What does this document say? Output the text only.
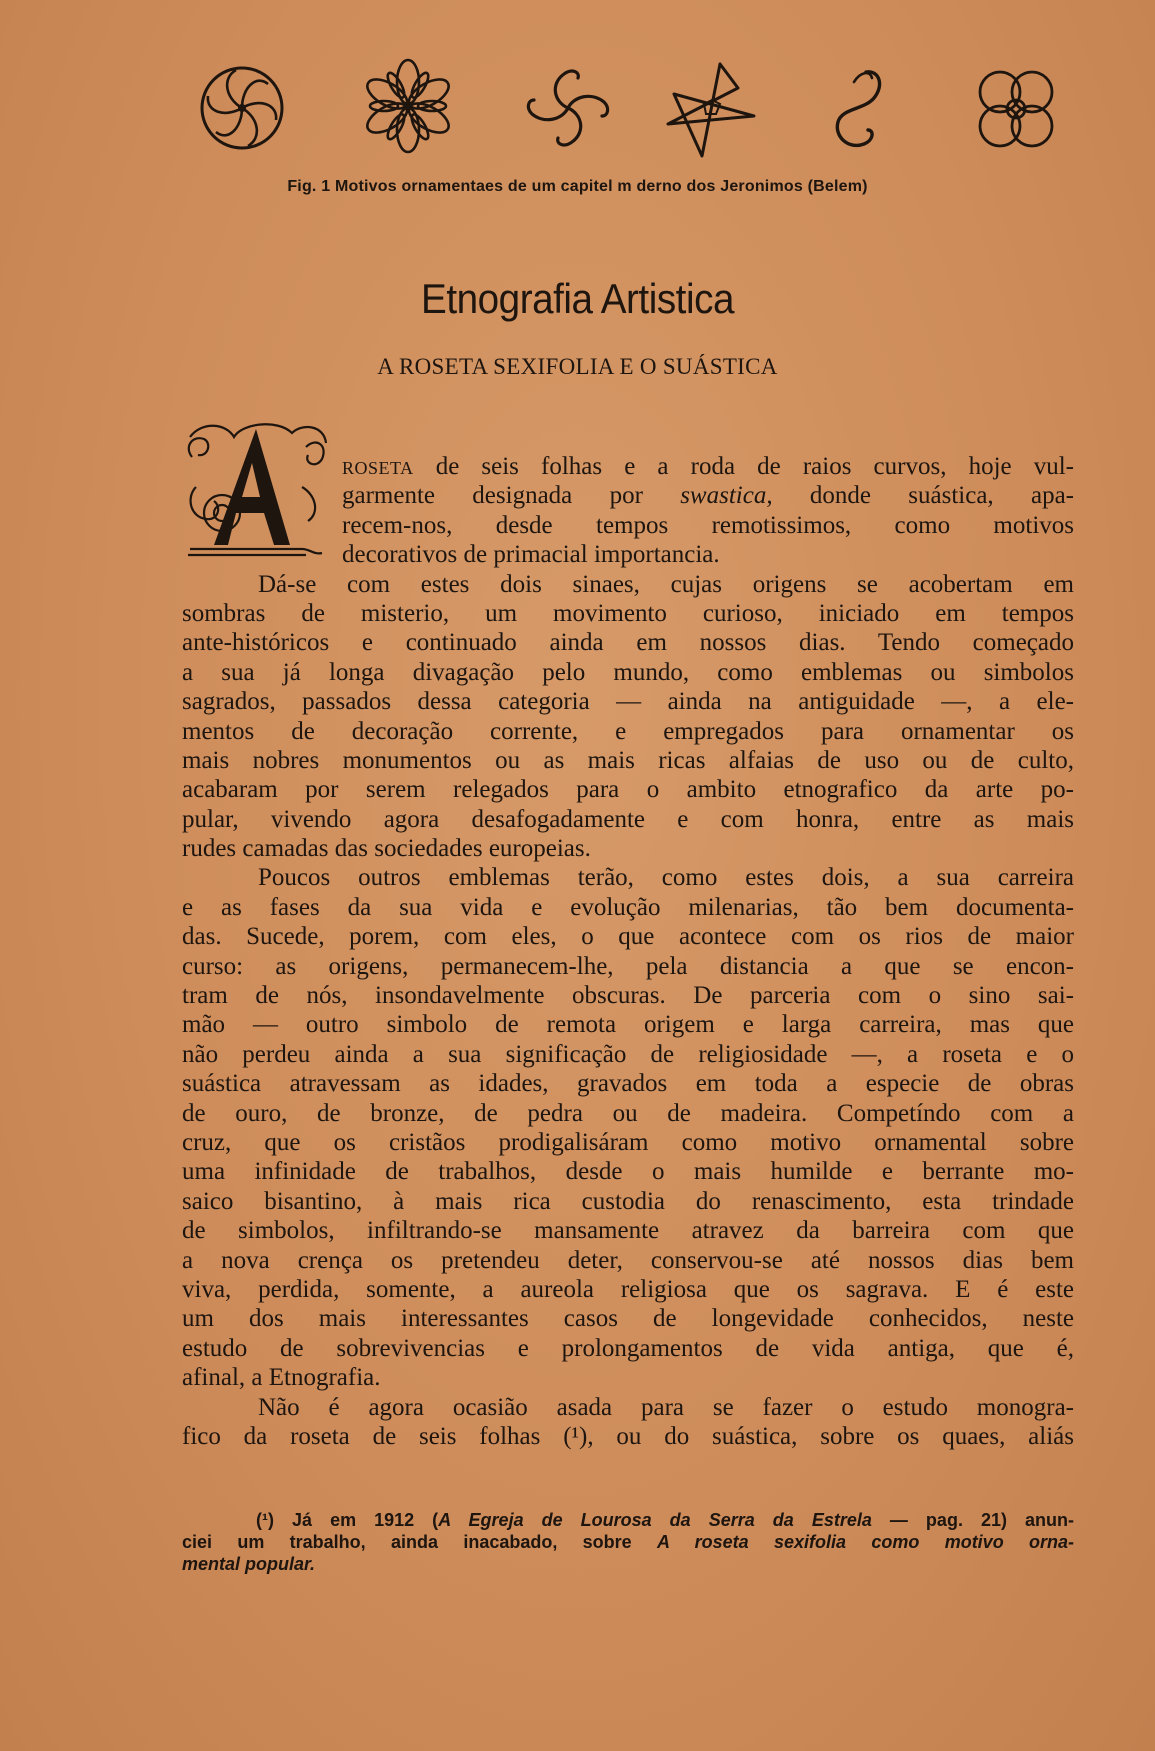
Fig. 1 Motivos ornamentaes de um capitel m derno dos Jeronimos (Belem)
Etnografia Artistica
A ROSETA SEXIFOLIA E O SUÁSTICA
ROSETA de seis folhas e a roda de raios curvos, hoje vul-
garmente designada por swastica, donde suástica, apa-
recem-nos, desde tempos remotissimos, como motivos
decorativos de primacial importancia.
Dá-se com estes dois sinaes, cujas origens se acobertam em
sombras de misterio, um movimento curioso, iniciado em tempos
ante-históricos e continuado ainda em nossos dias. Tendo começado
a sua já longa divagação pelo mundo, como emblemas ou simbolos
sagrados, passados dessa categoria — ainda na antiguidade —, a ele-
mentos de decoração corrente, e empregados para ornamentar os
mais nobres monumentos ou as mais ricas alfaias de uso ou de culto,
acabaram por serem relegados para o ambito etnografico da arte po-
pular, vivendo agora desafogadamente e com honra, entre as mais
rudes camadas das sociedades europeias.
Poucos outros emblemas terão, como estes dois, a sua carreira
e as fases da sua vida e evolução milenarias, tão bem documenta-
das. Sucede, porem, com eles, o que acontece com os rios de maior
curso: as origens, permanecem-lhe, pela distancia a que se encon-
tram de nós, insondavelmente obscuras. De parceria com o sino sai-
mão — outro simbolo de remota origem e larga carreira, mas que
não perdeu ainda a sua significação de religiosidade —, a roseta e o
suástica atravessam as idades, gravados em toda a especie de obras
de ouro, de bronze, de pedra ou de madeira. Competíndo com a
cruz, que os cristãos prodigalisáram como motivo ornamental sobre
uma infinidade de trabalhos, desde o mais humilde e berrante mo-
saico bisantino, à mais rica custodia do renascimento, esta trindade
de simbolos, infiltrando-se mansamente atravez da barreira com que
a nova crença os pretendeu deter, conservou-se até nossos dias bem
viva, perdida, somente, a aureola religiosa que os sagrava. E é este
um dos mais interessantes casos de longevidade conhecidos, neste
estudo de sobrevivencias e prolongamentos de vida antiga, que é,
afinal, a Etnografia.
Não é agora ocasião asada para se fazer o estudo monogra-
fico da roseta de seis folhas (¹), ou do suástica, sobre os quaes, aliás
(¹) Já em 1912 (A Egreja de Lourosa da Serra da Estrela — pag. 21) anun-
ciei um trabalho, ainda inacabado, sobre A roseta sexifolia como motivo orna-
mental popular.
